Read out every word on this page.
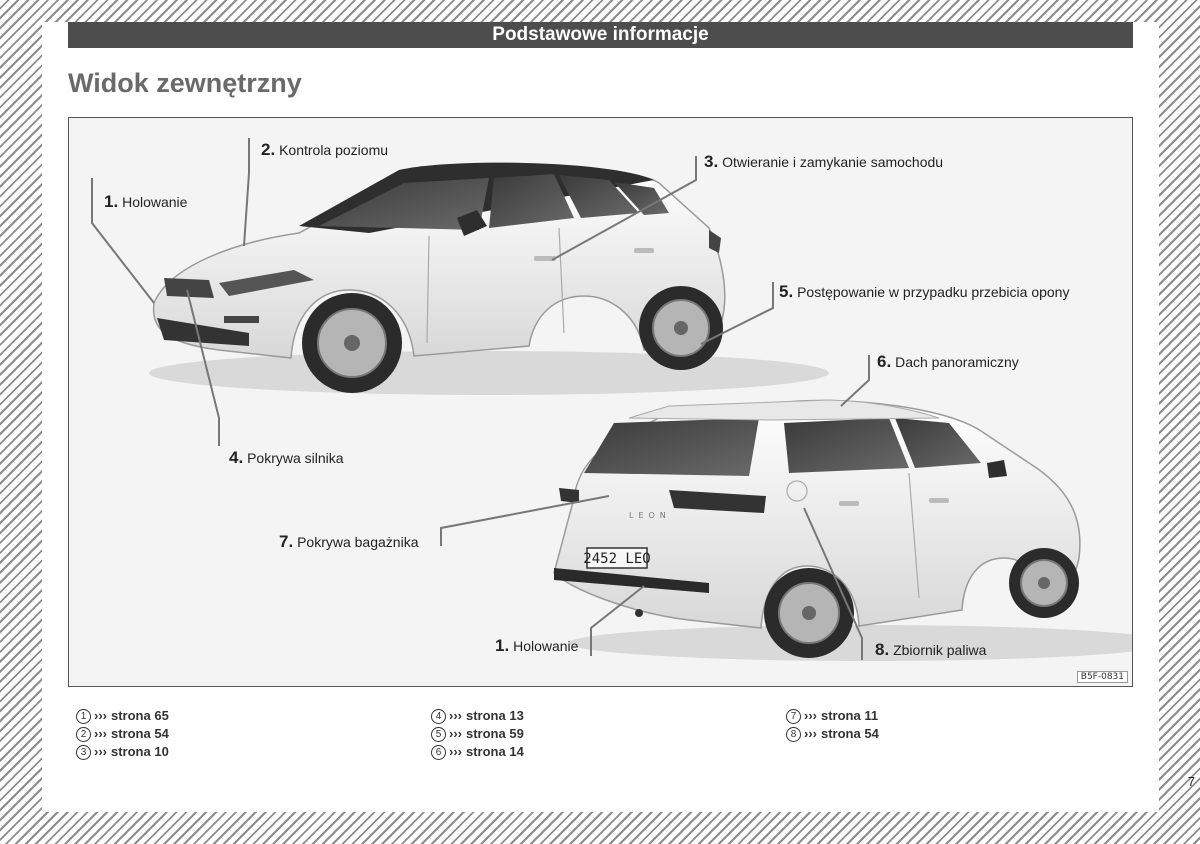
Podstawowe informacje
Widok zewnętrzny
2452 LEO
LEON
1. Holowanie
2. Kontrola poziomu
3. Otwieranie i zamykanie samochodu
4. Pokrywa silnika
5. Postępowanie w przypadku przebicia opony
6. Dach panoramiczny
7. Pokrywa bagażnika
1. Holowanie	8. Zbiornik paliwa
B5F-0831
1 ››› strona 65
2 ››› strona 54
3 ››› strona 10
4 ››› strona 13
5 ››› strona 59
6 ››› strona 14
7 ››› strona 11
8 ››› strona 54
7
